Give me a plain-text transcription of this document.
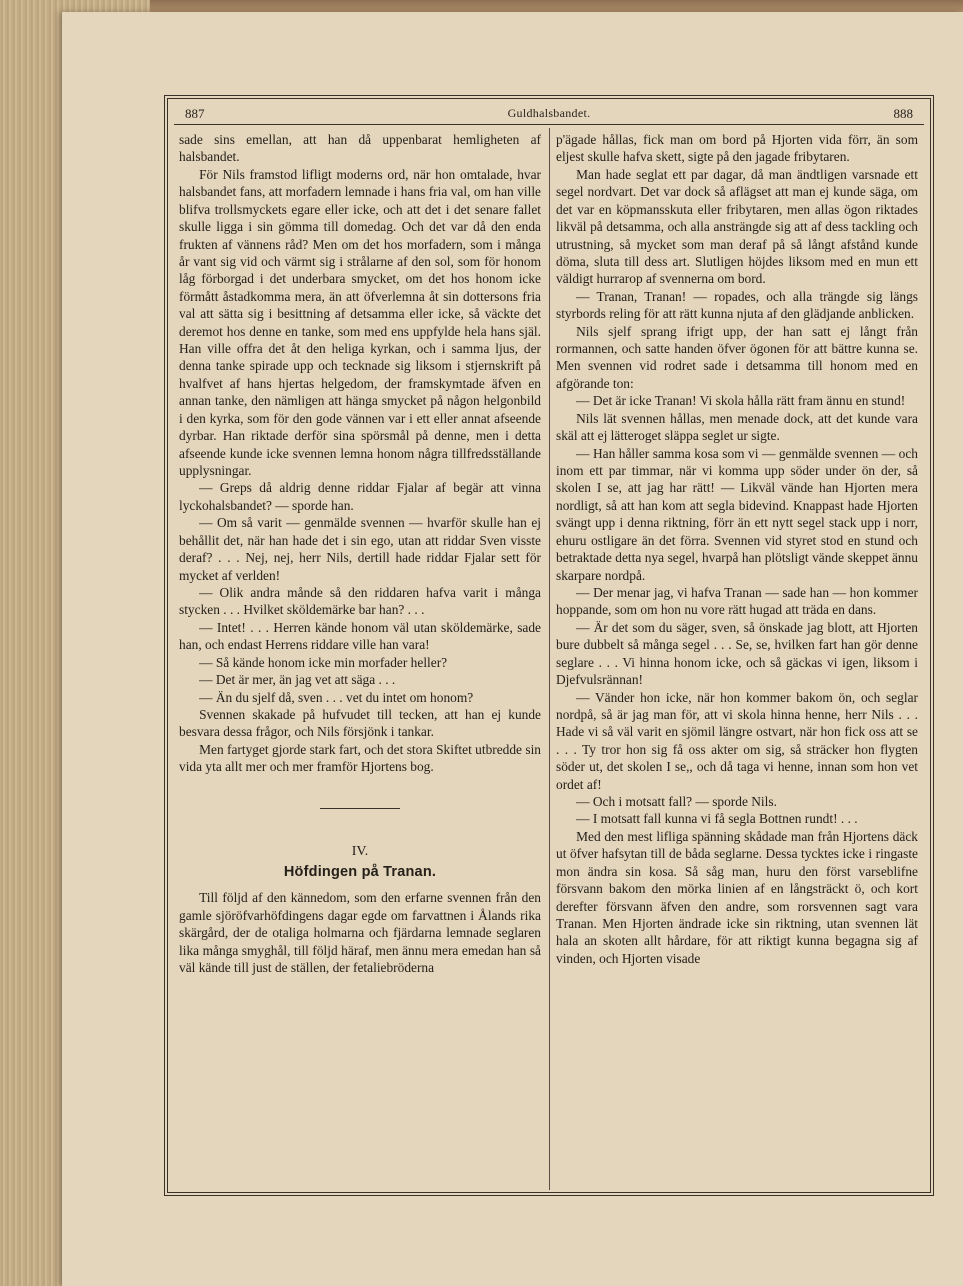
887	Guldhalsbandet.	888

sade sins emellan, att han då uppenbarat hemligheten af halsbandet.

För Nils framstod lifligt moderns ord, när hon omtalade, hvar halsbandet fans, att morfadern lemnade i hans fria val, om han ville blifva trollsmyckets egare eller icke, och att det i det senare fallet skulle ligga i sin gömma till domedag. Och det var då den enda frukten af vännens råd? Men om det hos morfadern, som i många år vant sig vid och värmt sig i strålarne af den sol, som för honom låg förborgad i det underbara smycket, om det hos honom icke förmått åstadkomma mera, än att öfverlemna åt sin dottersons fria val att sätta sig i besittning af detsamma eller icke, så väckte det deremot hos denne en tanke, som med ens uppfylde hela hans själ. Han ville offra det åt den heliga kyrkan, och i samma ljus, der denna tanke spirade upp och tecknade sig liksom i stjernskrift på hvalfvet af hans hjertas helgedom, der framskymtade äfven en annan tanke, den nämligen att hänga smycket på någon helgonbild i den kyrka, som för den gode vännen var i ett eller annat afseende dyrbar. Han riktade derför sina spörsmål på denne, men i detta afseende kunde icke svennen lemna honom några tillfredsställande upplysningar.

— Greps då aldrig denne riddar Fjalar af begär att vinna lyckohalsbandet? — sporde han.

— Om så varit — genmälde svennen — hvarför skulle han ej behållit det, när han hade det i sin ego, utan att riddar Sven visste deraf? . . . Nej, nej, herr Nils, dertill hade riddar Fjalar sett för mycket af verlden!

— Olik andra månde så den riddaren hafva varit i många stycken . . . Hvilket sköldemärke bar han? . . .

— Intet! . . . Herren kände honom väl utan sköldemärke, sade han, och endast Herrens riddare ville han vara!

— Så kände honom icke min morfader heller?

— Det är mer, än jag vet att säga . . .

— Än du sjelf då, sven . . . vet du intet om honom?

Svennen skakade på hufvudet till tecken, att han ej kunde besvara dessa frågor, och Nils försjönk i tankar.

Men fartyget gjorde stark fart, och det stora Skiftet utbredde sin vida yta allt mer och mer framför Hjortens bog.

IV.
Höfdingen på Tranan.

Till följd af den kännedom, som den erfarne svennen från den gamle sjöröfvarhöfdingens dagar egde om farvattnen i Ålands rika skärgård, der de otaliga holmarna och fjärdarna lemnade seglaren lika många smyghål, till följd häraf, men ännu mera emedan han så väl kände till just de ställen, der fetaliebröderna

p'ägade hållas, fick man om bord på Hjorten vida förr, än som eljest skulle hafva skett, sigte på den jagade fribytaren.

Man hade seglat ett par dagar, då man ändtligen varsnade ett segel nordvart. Det var dock så aflägset att man ej kunde säga, om det var en köpmansskuta eller fribytaren, men allas ögon riktades likväl på detsamma, och alla ansträngde sig att af dess tackling och utrustning, så mycket som man deraf på så långt afstånd kunde döma, sluta till dess art. Slutligen höjdes liksom med en mun ett väldigt hurrarop af svennerna om bord.

— Tranan, Tranan! — ropades, och alla trängde sig längs styrbords reling för att rätt kunna njuta af den glädjande anblicken.

Nils sjelf sprang ifrigt upp, der han satt ej långt från rormannen, och satte handen öfver ögonen för att bättre kunna se. Men svennen vid rodret sade i detsamma till honom med en afgörande ton:

— Det är icke Tranan! Vi skola hålla rätt fram ännu en stund!

Nils lät svennen hållas, men menade dock, att det kunde vara skäl att ej lätteroget släppa seglet ur sigte.

— Han håller samma kosa som vi — genmälde svennen — och inom ett par timmar, när vi komma upp söder under ön der, så skolen I se, att jag har rätt! — Likväl vände han Hjorten mera nordligt, så att han kom att segla bidevind. Knappast hade Hjorten svängt upp i denna riktning, förr än ett nytt segel stack upp i norr, ehuru ostligare än det förra. Svennen vid styret stod en stund och betraktade detta nya segel, hvarpå han plötsligt vände skeppet ännu skarpare nordpå.

— Der menar jag, vi hafva Tranan — sade han — hon kommer hoppande, som om hon nu vore rätt hugad att träda en dans.

— Är det som du säger, sven, så önskade jag blott, att Hjorten bure dubbelt så många segel . . . Se, se, hvilken fart han gör denne seglare . . . Vi hinna honom icke, och så gäckas vi igen, liksom i Djefvulsrännan!

— Vänder hon icke, när hon kommer bakom ön, och seglar nordpå, så är jag man för, att vi skola hinna henne, herr Nils . . . Hade vi så väl varit en sjömil längre ostvart, när hon fick oss att se . . . Ty tror hon sig få oss akter om sig, så sträcker hon flygten söder ut, det skolen I se,, och då taga vi henne, innan som hon vet ordet af!

— Och i motsatt fall? — sporde Nils.

— I motsatt fall kunna vi få segla Bottnen rundt! . . .

Med den mest lifliga spänning skådade man från Hjortens däck ut öfver hafsytan till de båda seglarne. Dessa tycktes icke i ringaste mon ändra sin kosa. Så såg man, huru den först varseblifne försvann bakom den mörka linien af en långsträckt ö, och kort derefter försvann äfven den andre, som rorsvennen sagt vara Tranan. Men Hjorten ändrade icke sin riktning, utan svennen lät hala an skoten allt hårdare, för att riktigt kunna begagna sig af vinden, och Hjorten visade
